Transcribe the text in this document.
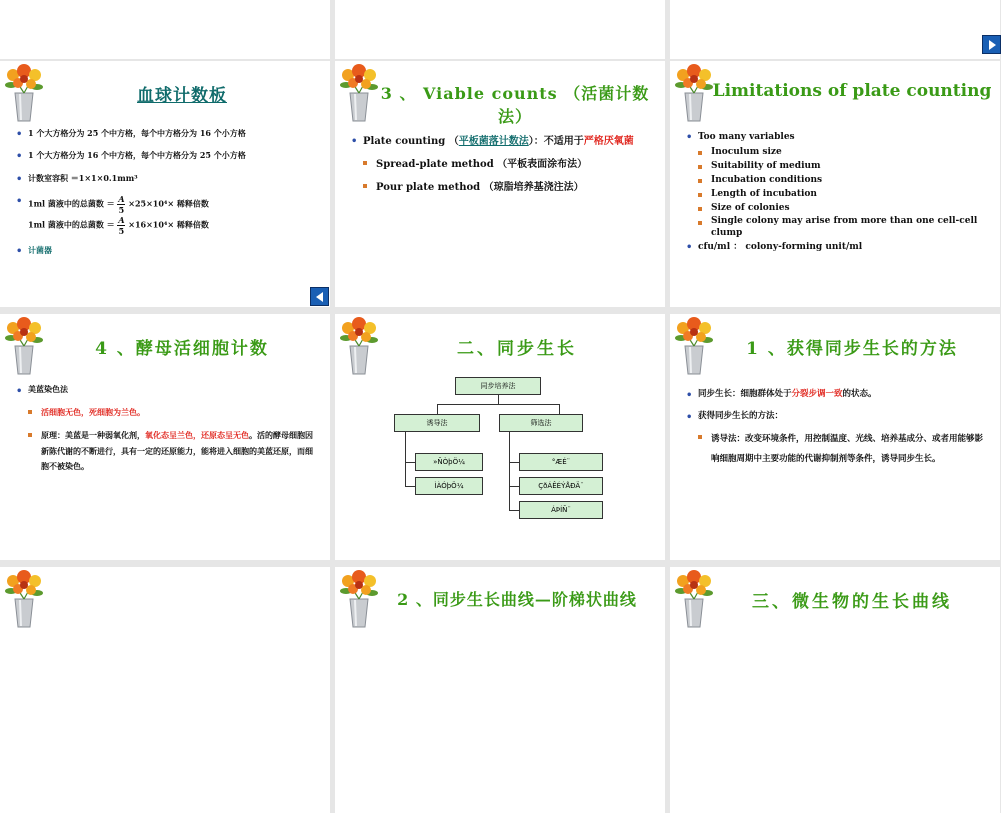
血球计数板
• 1 个大方格分为 25 个中方格，每个中方格分为 16 个小方格
• 1 个大方格分为 16 个中方格，每个中方格分为 25 个小方格
• 计数室容积 ＝1×1×0.1mm³
• 1ml 菌液中的总菌数 ＝ $\frac{A}{5} \times 25\times 10^4\times$ 稀释倍数
1ml 菌液中的总菌数 ＝ $\frac{A}{5} \times 16\times 10^4\times$ 稀释倍数
• 计菌器
3 、 Viable counts （活菌计数法）
• Plate counting （平板菌落计数法）：不适用于严格厌氧菌
Spread-plate method （平板表面涂布法）
Pour plate method （琼脂培养基浇注法）
Limitations of plate counting
• Too many variables
Inoculum size
Suitability of medium
Incubation conditions
Length of incubation
Size of colonies
Single colony may arise from more than one cell-cell clump
• cfu/ml ： colony-forming unit/ml
4 、酵母活细胞计数
• 美蓝染色法
活细胞无色，死细胞为兰色。
原理：美蓝是一种弱氧化剂，氧化态呈兰色，还原态呈无色。活的酵母细胞因新陈代谢的不断进行，具有一定的还原能力，能将进入细胞的美蓝还原，而细胞不被染色。
二、同步生长
同步培养法
诱导法	筛选法
»ÑÒþÖ¼
ÌÀÓþÖ¼
°ÆÉ¨
ÇðÁÊÉÝÅÐÄ¨
ÁÞÍÑ¨
1 、获得同步生长的方法
• 同步生长：细胞群体处于分裂步调一致的状态。
• 获得同步生长的方法：
诱导法：改变环境条件，用控制温度、光线、培养基成分、或者用能够影响细胞周期中主要功能的代谢抑制剂等条件，诱导同步生长。
2 、同步生长曲线—阶梯状曲线	三、微生物的生长曲线
